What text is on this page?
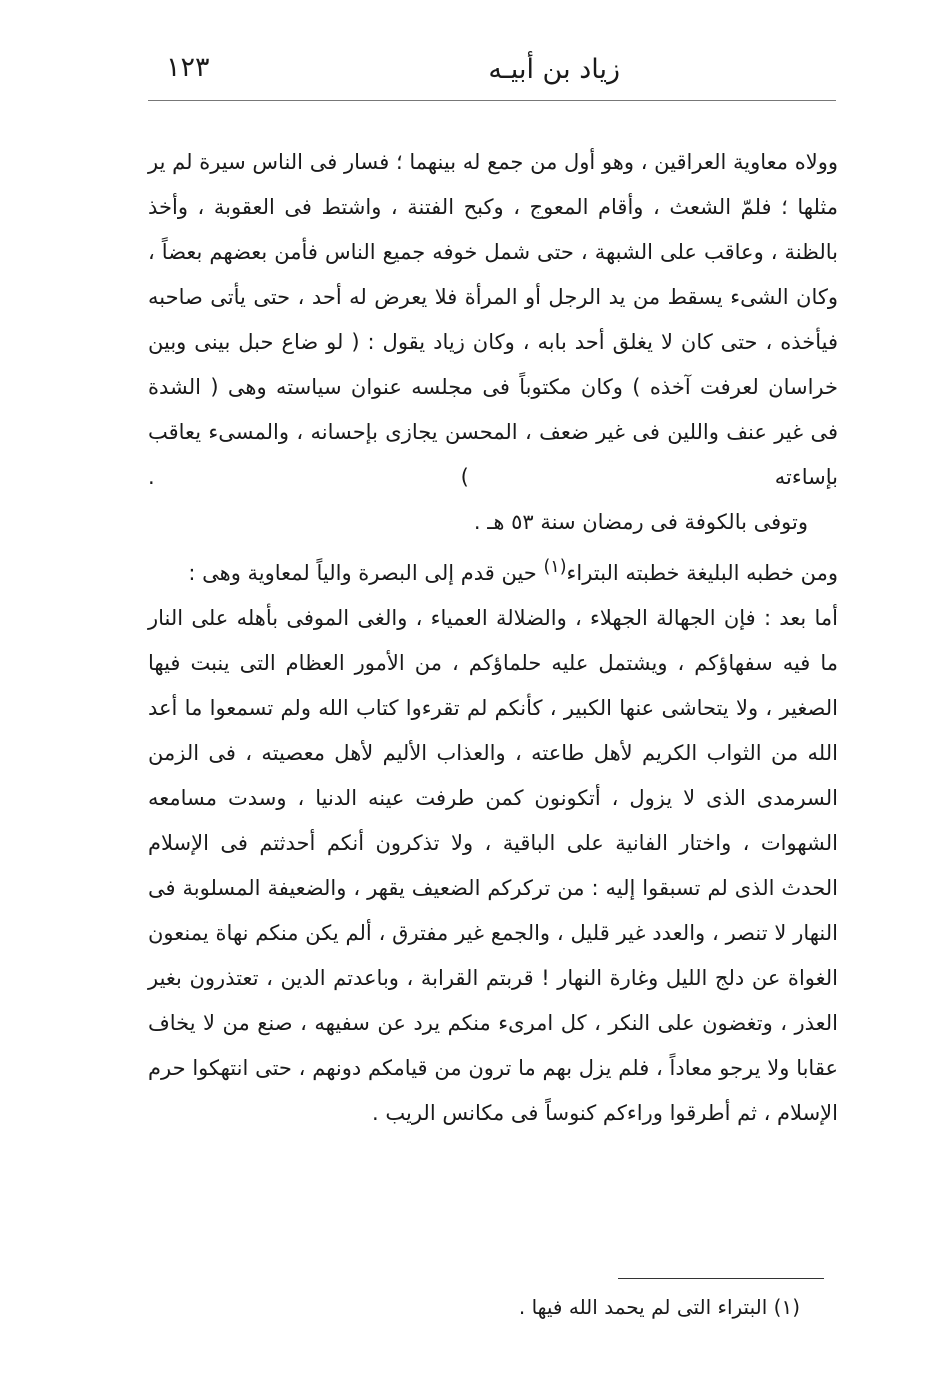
زياد بن أبيـه
١٢٣

وولاه معاوية العراقين ، وهو أول من جمع له بينهما ؛ فسار فى الناس سيرة لم ير مثلها ؛ فلمّ الشعث ، وأقام المعوج ، وكبح الفتنة ، واشتط فى العقوبة ، وأخذ بالظنة ، وعاقب على الشبهة ، حتى شمل خوفه جميع الناس فأمن بعضهم بعضاً ، وكان الشىء يسقط من يد الرجل أو المرأة فلا يعرض له أحد ، حتى يأتى صاحبه فيأخذه ، حتى كان لا يغلق أحد بابه ، وكان زياد يقول : ( لو ضاع حبل بينى وبين خراسان لعرفت آخذه ) وكان مكتوباً فى مجلسه عنوان سياسته وهى ( الشدة فى غير عنف واللين فى غير ضعف ، المحسن يجازى بإحسانه ، والمسىء يعاقب بإساءته ) .

وتوفى بالكوفة فى رمضان سنة ٥٣ هـ .

ومن خطبه البليغة خطبته البتراء$^{(١)}$ حين قدم إلى البصرة والياً لمعاوية وهى :

أما بعد : فإن الجهالة الجهلاء ، والضلالة العمياء ، والغى الموفى بأهله على النار ما فيه سفهاؤكم ، ويشتمل عليه حلماؤكم ، من الأمور العظام التى ينبت فيها الصغير ، ولا يتحاشى عنها الكبير ، كأنكم لم تقرءوا كتاب الله ولم تسمعوا ما أعد الله من الثواب الكريم لأهل طاعته ، والعذاب الأليم لأهل معصيته ، فى الزمن السرمدى الذى لا يزول ، أتكونون كمن طرفت عينه الدنيا ، وسدت مسامعه الشهوات ، واختار الفانية على الباقية ، ولا تذكرون أنكم أحدثتم فى الإسلام الحدث الذى لم تسبقوا إليه : من تركركم الضعيف يقهر ، والضعيفة المسلوبة فى النهار لا تنصر ، والعدد غير قليل ، والجمع غير مفترق ، ألم يكن منكم نهاة يمنعون الغواة عن دلج الليل وغارة النهار ! قربتم القرابة ، وباعدتم الدين ، تعتذرون بغير العذر ، وتغضون على النكر ، كل امرىء منكم يرد عن سفيهه ، صنع من لا يخاف عقابا ولا يرجو معاداً ، فلم يزل بهم ما ترون من قيامكم دونهم ، حتى انتهكوا حرم الإسلام ، ثم أطرقوا وراءكم كنوساً فى مكانس الريب .

(١) البتراء التى لم يحمد الله فيها .
